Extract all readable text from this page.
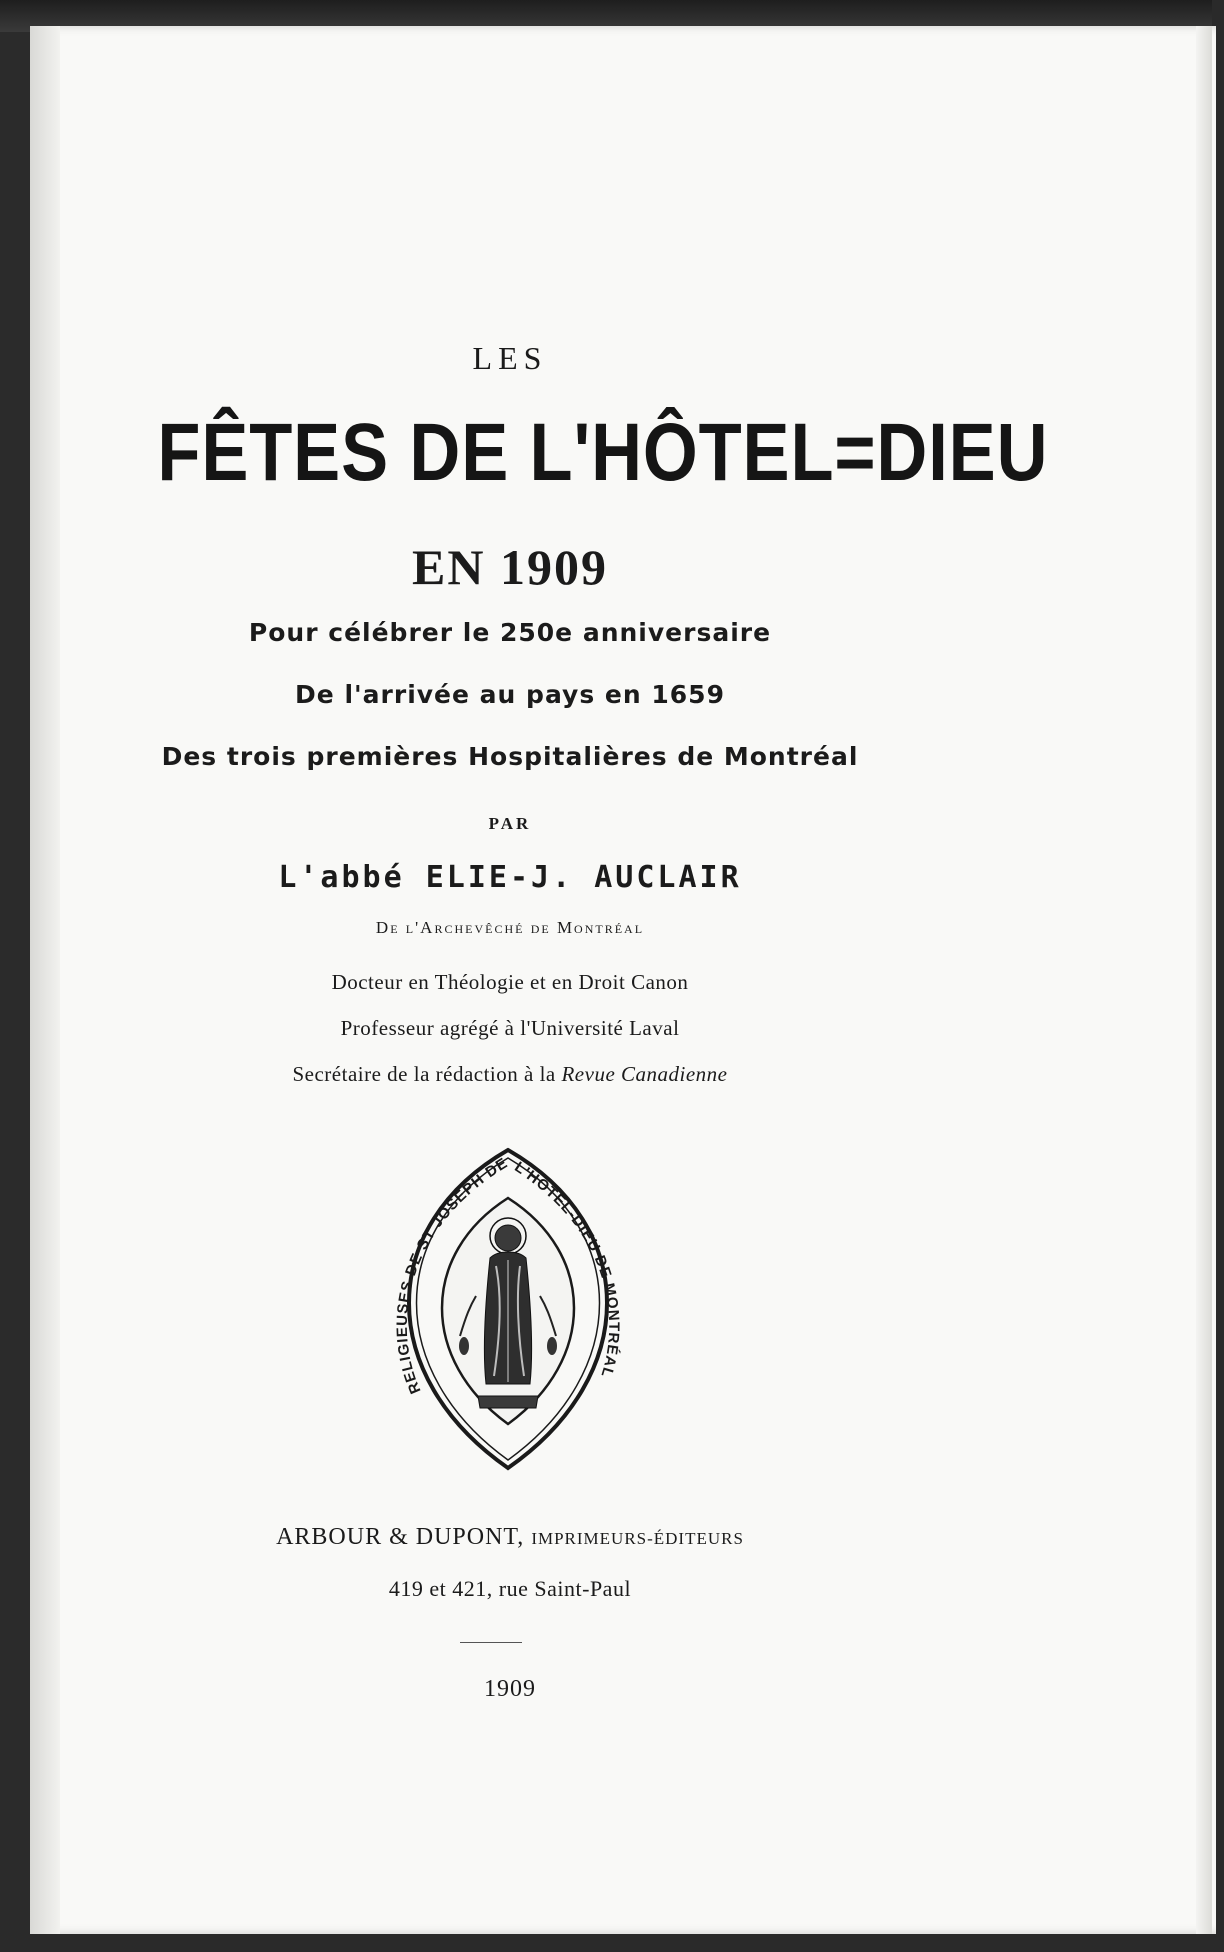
LES
FÊTES DE L'HÔTEL=DIEU
EN 1909
Pour célébrer le 250e anniversaire
De l'arrivée au pays en 1659
Des trois premières Hospitalières de Montréal
PAR
L'abbé ELIE-J. AUCLAIR
De l'Archevêché de Montréal
Docteur en Théologie et en Droit Canon
Professeur agrégé à l'Université Laval
Secrétaire de la rédaction à la Revue Canadienne
RELIGIEUSES DE ST JOSEPH DE L'HÔTEL-DIEU DE MONTRÉAL
ARBOUR & DUPONT, IMPRIMEURS-ÉDITEURS
419 et 421, rue Saint-Paul
1909
